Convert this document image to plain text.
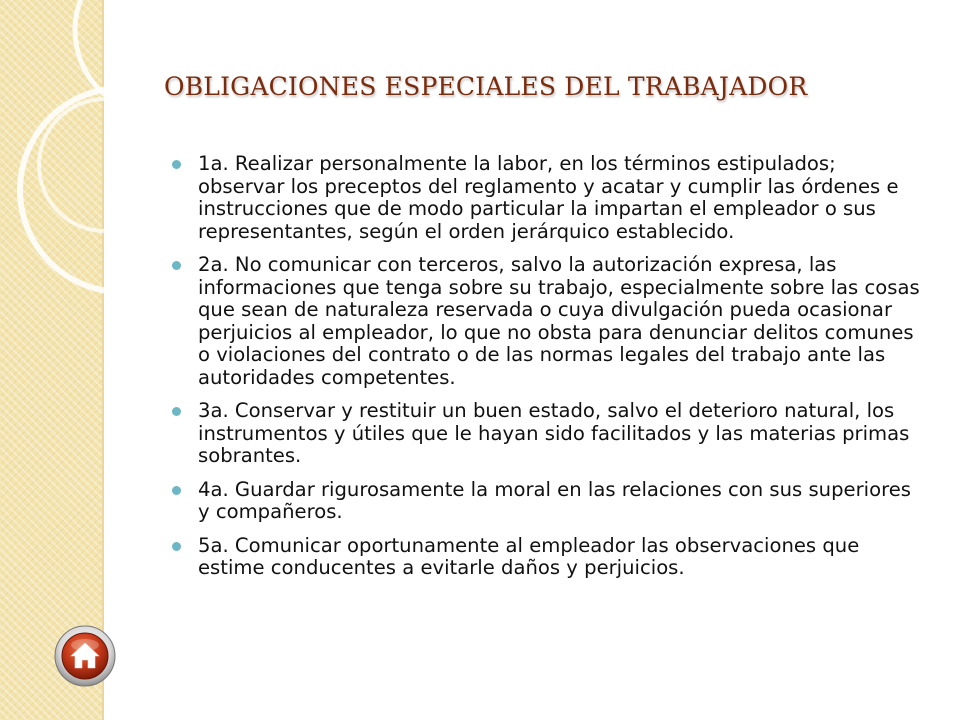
OBLIGACIONES ESPECIALES DEL TRABAJADOR
1a. Realizar personalmente la labor, en los términos estipulados; observar los preceptos del reglamento y acatar y cumplir las órdenes e instrucciones que de modo particular la impartan el empleador o sus representantes, según el orden jerárquico establecido.
2a. No comunicar con terceros, salvo la autorización expresa, las informaciones que tenga sobre su trabajo, especialmente sobre las cosas que sean de naturaleza reservada o cuya divulgación pueda ocasionar perjuicios al empleador, lo que no obsta para denunciar delitos comunes o violaciones del contrato o de las normas legales del trabajo ante las autoridades competentes.
3a. Conservar y restituir un buen estado, salvo el deterioro natural, los instrumentos y útiles que le hayan sido facilitados y las materias primas sobrantes.
4a. Guardar rigurosamente la moral en las relaciones con sus superiores y compañeros.
5a. Comunicar oportunamente al empleador las observaciones que estime conducentes a evitarle daños y perjuicios.
